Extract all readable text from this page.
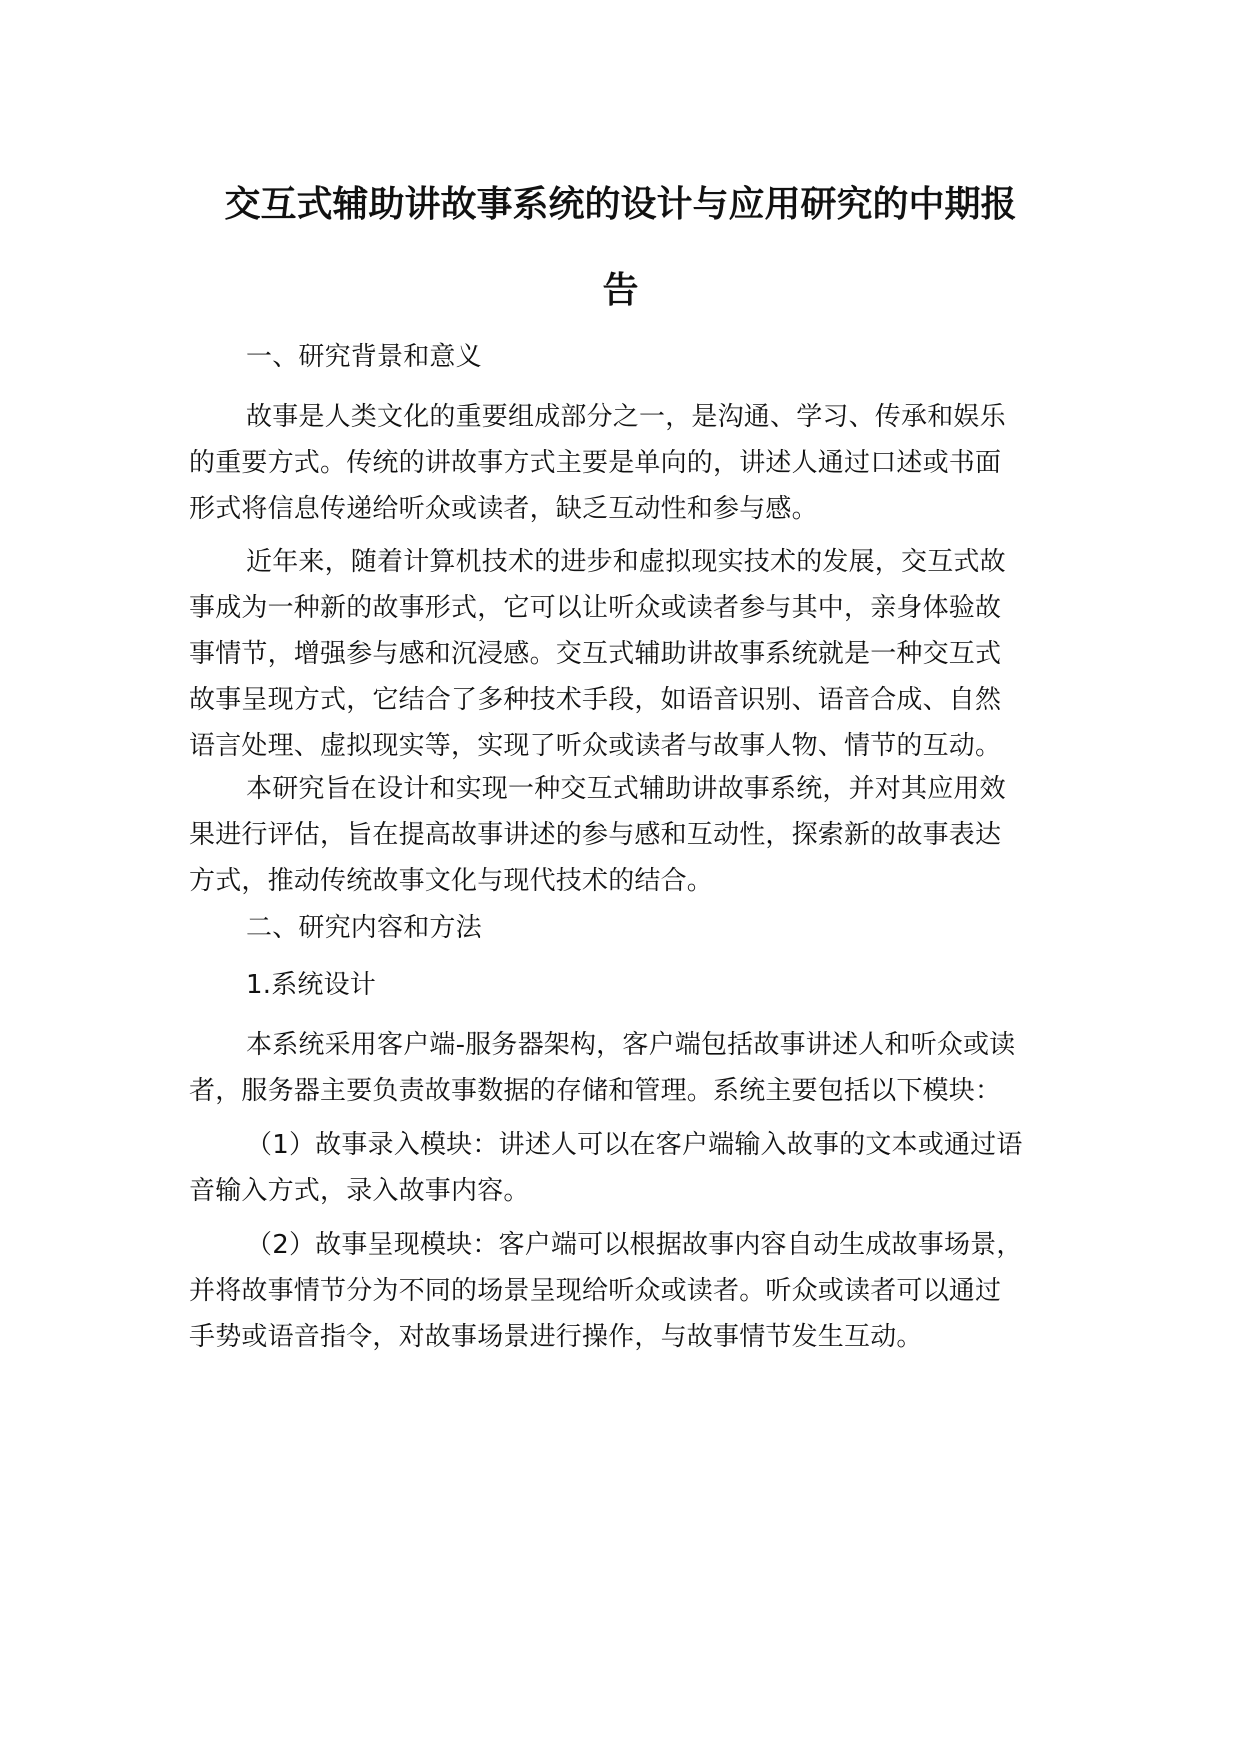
交互式辅助讲故事系统的设计与应用研究的中期报
告
一、研究背景和意义
故事是人类文化的重要组成部分之一，是沟通、学习、传承和娱乐
的重要方式。传统的讲故事方式主要是单向的，讲述人通过口述或书面
形式将信息传递给听众或读者，缺乏互动性和参与感。
近年来，随着计算机技术的进步和虚拟现实技术的发展，交互式故
事成为一种新的故事形式，它可以让听众或读者参与其中，亲身体验故
事情节，增强参与感和沉浸感。交互式辅助讲故事系统就是一种交互式
故事呈现方式，它结合了多种技术手段，如语音识别、语音合成、自然
语言处理、虚拟现实等，实现了听众或读者与故事人物、情节的互动。
本研究旨在设计和实现一种交互式辅助讲故事系统，并对其应用效
果进行评估，旨在提高故事讲述的参与感和互动性，探索新的故事表达
方式，推动传统故事文化与现代技术的结合。
二、研究内容和方法
1.系统设计
本系统采用客户端-服务器架构，客户端包括故事讲述人和听众或读
者，服务器主要负责故事数据的存储和管理。系统主要包括以下模块：
（1）故事录入模块：讲述人可以在客户端输入故事的文本或通过语
音输入方式，录入故事内容。
（2）故事呈现模块：客户端可以根据故事内容自动生成故事场景，
并将故事情节分为不同的场景呈现给听众或读者。听众或读者可以通过
手势或语音指令，对故事场景进行操作，与故事情节发生互动。
